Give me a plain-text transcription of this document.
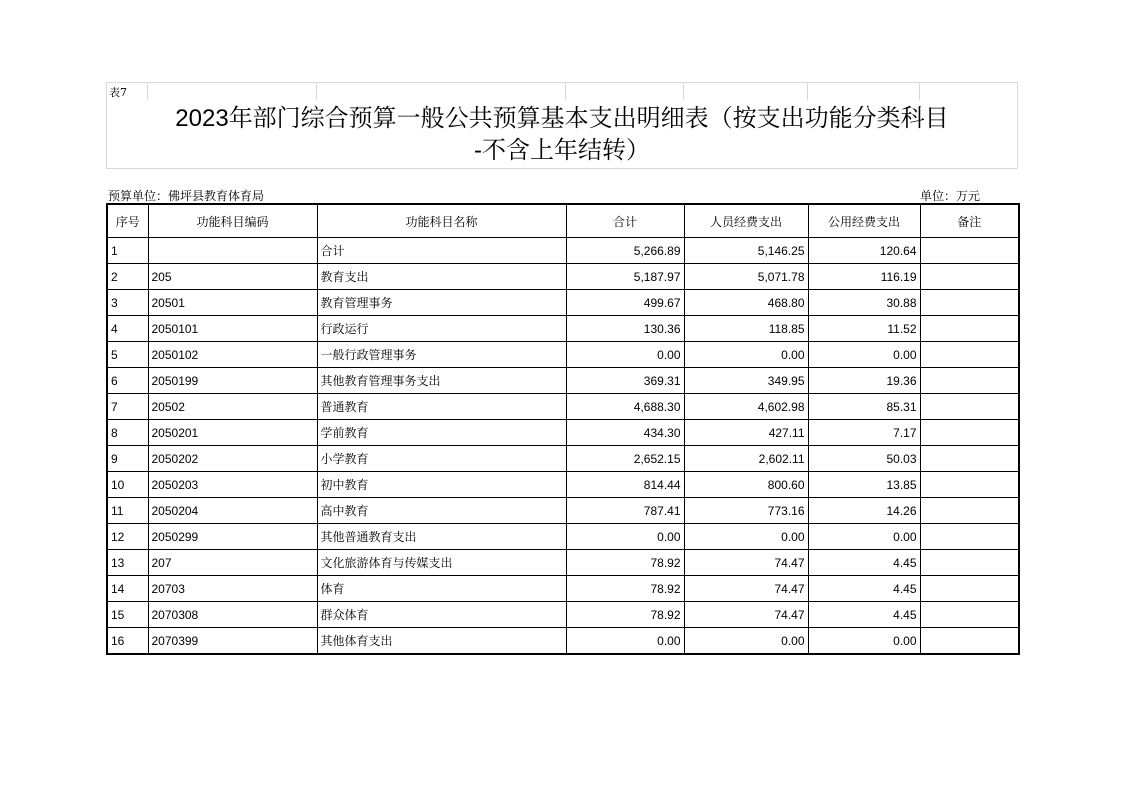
表7
2023年部门综合预算一般公共预算基本支出明细表（按支出功能分类科目
-不含上年结转）
预算单位：佛坪县教育体育局	单位：万元
序号	功能科目编码	功能科目名称	合计	人员经费支出	公用经费支出	备注
1		合计	5,266.89	5,146.25	120.64	
2	205	教育支出	5,187.97	5,071.78	116.19	
3	20501	教育管理事务	499.67	468.80	30.88	
4	2050101	行政运行	130.36	118.85	11.52	
5	2050102	一般行政管理事务	0.00	0.00	0.00	
6	2050199	其他教育管理事务支出	369.31	349.95	19.36	
7	20502	普通教育	4,688.30	4,602.98	85.31	
8	2050201	学前教育	434.30	427.11	7.17	
9	2050202	小学教育	2,652.15	2,602.11	50.03	
10	2050203	初中教育	814.44	800.60	13.85	
11	2050204	高中教育	787.41	773.16	14.26	
12	2050299	其他普通教育支出	0.00	0.00	0.00	
13	207	文化旅游体育与传媒支出	78.92	74.47	4.45	
14	20703	体育	78.92	74.47	4.45	
15	2070308	群众体育	78.92	74.47	4.45	
16	2070399	其他体育支出	0.00	0.00	0.00	
